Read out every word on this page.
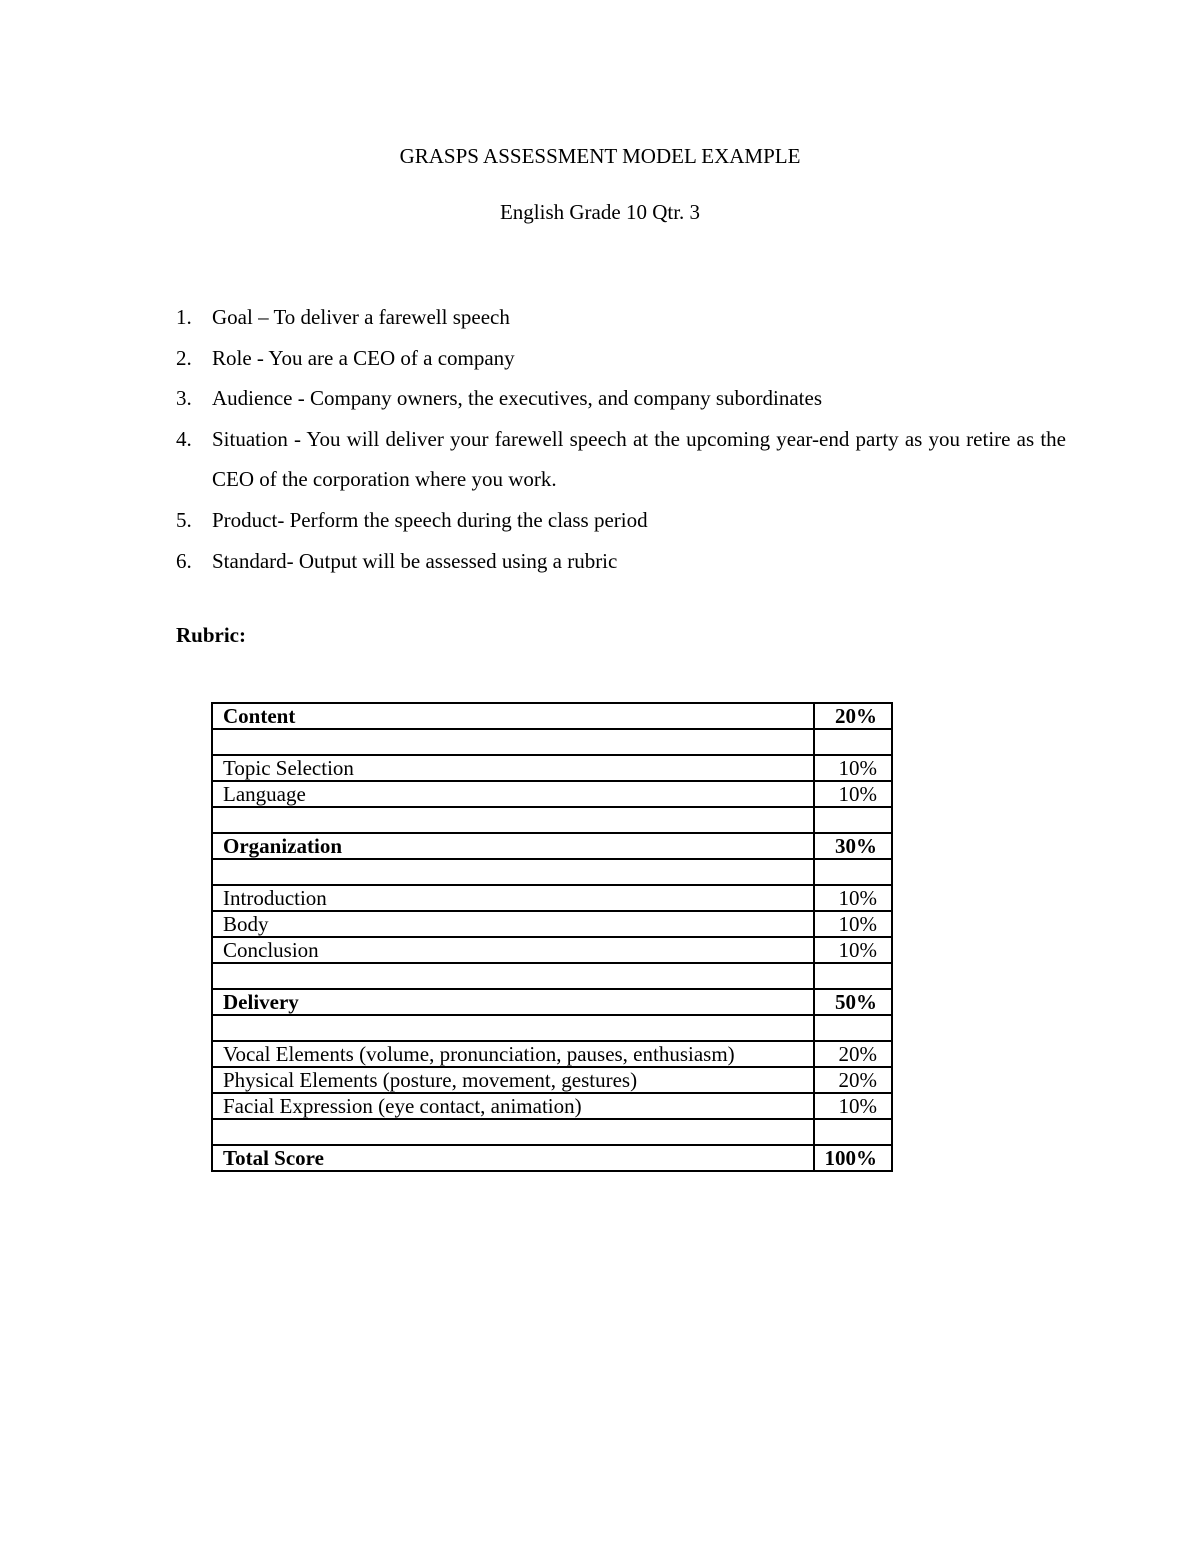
GRASPS ASSESSMENT MODEL EXAMPLE
English Grade 10 Qtr. 3
1. Goal – To deliver a farewell speech
2. Role - You are a CEO of a company
3. Audience - Company owners, the executives, and company subordinates
4. Situation - You will deliver your farewell speech at the upcoming year-end party as you retire as the CEO of the corporation where you work.
5. Product- Perform the speech during the class period
6. Standard- Output will be assessed using a rubric
Rubric:
Content	20%

Topic Selection	10%
Language	10%

Organization	30%

Introduction	10%
Body	10%
Conclusion	10%

Delivery	50%

Vocal Elements (volume, pronunciation, pauses, enthusiasm)	20%
Physical Elements (posture, movement, gestures)	20%
Facial Expression (eye contact, animation)	10%

Total Score	100%
